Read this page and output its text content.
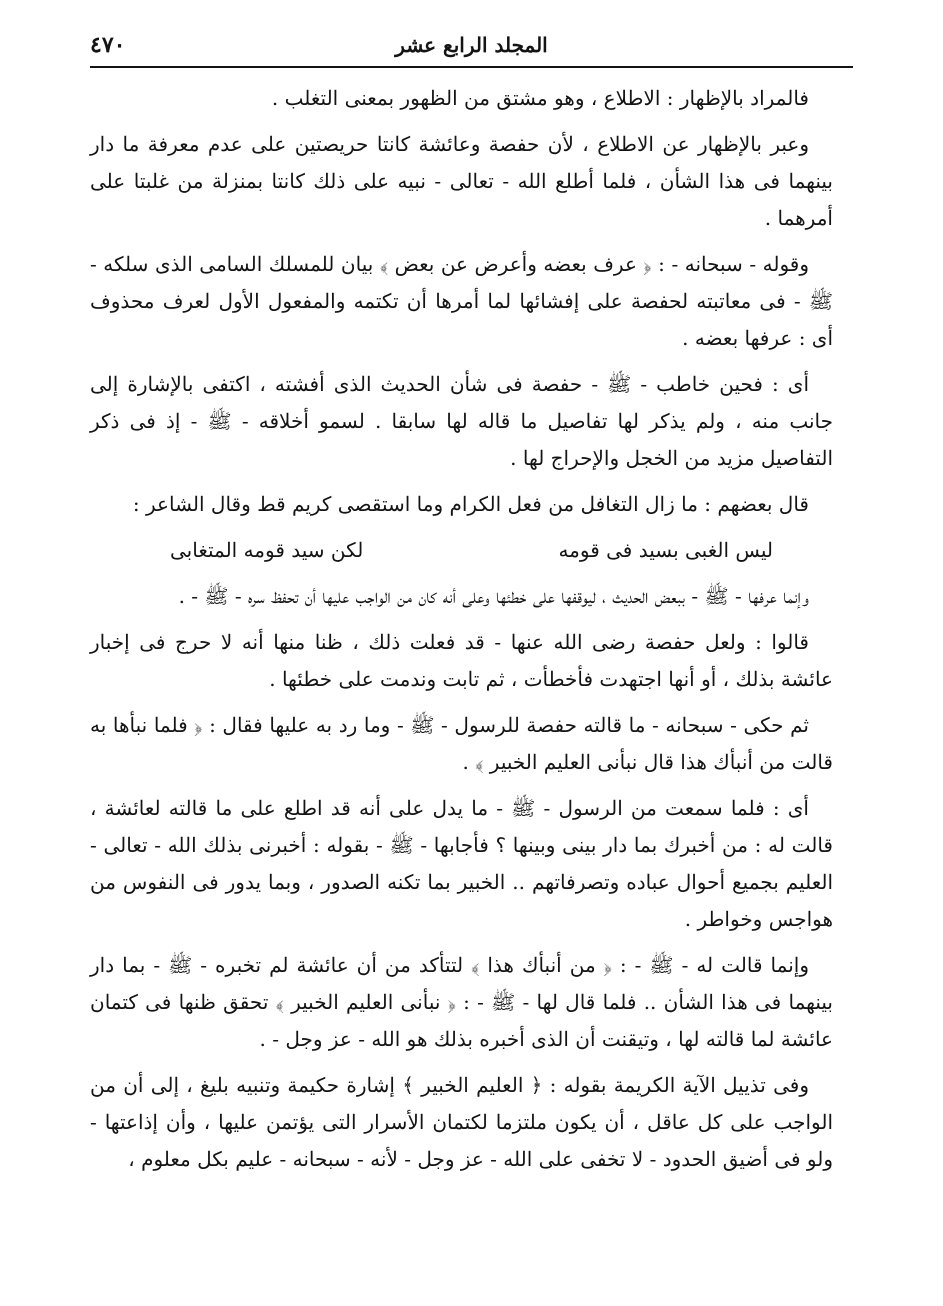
٤٧٠	المجلد الرابع عشر

فالمراد بالإظهار : الاطلاع ، وهو مشتق من الظهور بمعنى التغلب .

وعبر بالإظهار عن الاطلاع ، لأن حفصة وعائشة كانتا حريصتين على عدم معرفة ما دار بينهما فى هذا الشأن ، فلما أطلع الله - تعالى - نبيه على ذلك كانتا بمنزلة من غلبتا على أمرهما .

وقوله - سبحانه - : ﴿ عرف بعضه وأعرض عن بعض ﴾ بيان للمسلك السامى الذى سلكه - ﷺ - فى معاتبته لحفصة على إفشائها لما أمرها أن تكتمه والمفعول الأول لعرف محذوف أى : عرفها بعضه .

أى : فحين خاطب - ﷺ - حفصة فى شأن الحديث الذى أفشته ، اكتفى بالإشارة إلى جانب منه ، ولم يذكر لها تفاصيل ما قاله لها سابقا . لسمو أخلاقه - ﷺ - إذ فى ذكر التفاصيل مزيد من الخجل والإحراج لها .

قال بعضهم : ما زال التغافل من فعل الكرام وما استقصى كريم قط وقال الشاعر :

ليس الغبى بسيد فى قومه
لكن سيد قومه المتغابى

وإنما عرفها - ﷺ - ببعض الحديث ، ليوقفها على خطئها وعلى أنه كان من الواجب عليها أن تحفظ سره - ﷺ - .

قالوا : ولعل حفصة رضى الله عنها - قد فعلت ذلك ، ظنا منها أنه لا حرج فى إخبار عائشة بذلك ، أو أنها اجتهدت فأخطأت ، ثم تابت وندمت على خطئها .

ثم حكى - سبحانه - ما قالته حفصة للرسول - ﷺ - وما رد به عليها فقال : ﴿ فلما نبأها به قالت من أنبأك هذا قال نبأنى العليم الخبير ﴾ .

أى : فلما سمعت من الرسول - ﷺ - ما يدل على أنه قد اطلع على ما قالته لعائشة ، قالت له : من أخبرك بما دار بينى وبينها ؟ فأجابها - ﷺ - بقوله : أخبرنى بذلك الله - تعالى - العليم بجميع أحوال عباده وتصرفاتهم .. الخبير بما تكنه الصدور ، وبما يدور فى النفوس من هواجس وخواطر .

وإنما قالت له - ﷺ - : ﴿ من أنبأك هذا ﴾ لتتأكد من أن عائشة لم تخبره - ﷺ - بما دار بينهما فى هذا الشأن .. فلما قال لها - ﷺ - : ﴿ نبأنى العليم الخبير ﴾ تحقق ظنها فى كتمان عائشة لما قالته لها ، وتيقنت أن الذى أخبره بذلك هو الله - عز وجل - .

وفى تذييل الآية الكريمة بقوله : ﴿ العليم الخبير ﴾ إشارة حكيمة وتنبيه بليغ ، إلى أن من الواجب على كل عاقل ، أن يكون ملتزما لكتمان الأسرار التى يؤتمن عليها ، وأن إذاعتها - ولو فى أضيق الحدود - لا تخفى على الله - عز وجل - لأنه - سبحانه - عليم بكل معلوم ،
